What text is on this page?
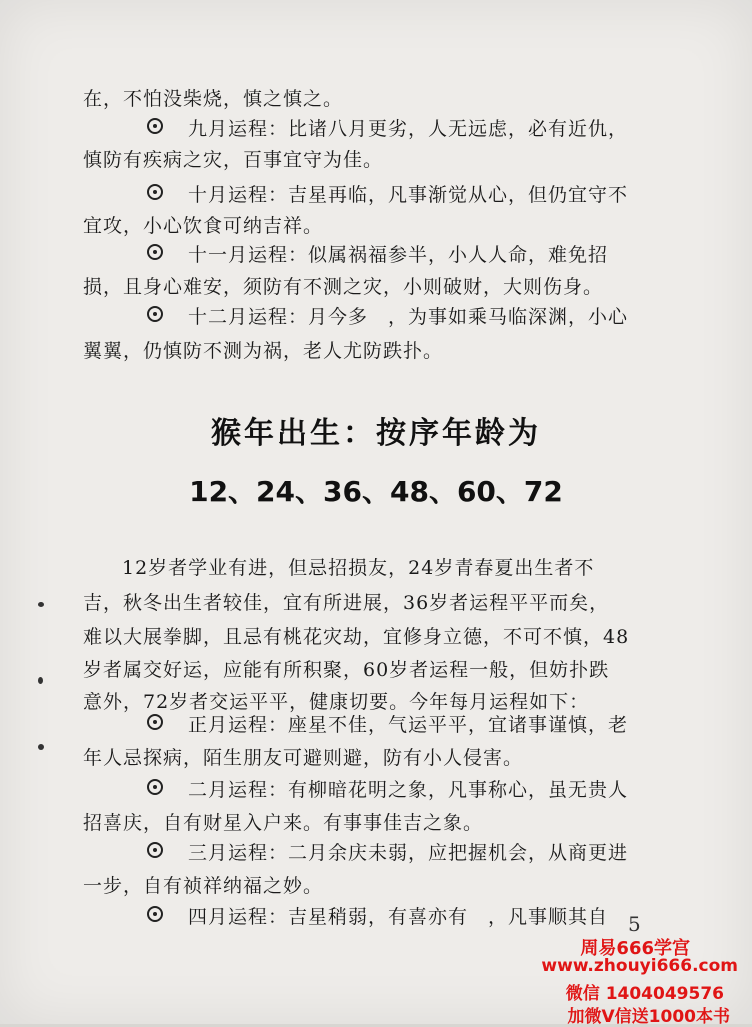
在，不怕没柴烧，慎之慎之。
九月运程：比诸八月更劣，人无远虑，必有近仇，
慎防有疾病之灾，百事宜守为佳。
十月运程：吉星再临，凡事渐觉从心，但仍宜守不
宜攻，小心饮食可纳吉祥。
十一月运程：似属祸福参半，小人人命，难免招
损，且身心难安，须防有不测之灾，小则破财，大则伤身。
十二月运程：月今多　，为事如乘马临深渊，小心
翼翼，仍慎防不测为祸，老人尤防跌扑。
猴年出生：按序年龄为
12、24、36、48、60、72
12岁者学业有进，但忌招损友，24岁青春夏出生者不
吉，秋冬出生者较佳，宜有所进展，36岁者运程平平而矣，
难以大展拳脚，且忌有桃花灾劫，宜修身立德，不可不慎，48
岁者属交好运，应能有所积聚，60岁者运程一般，但妨扑跌
意外，72岁者交运平平，健康切要。今年每月运程如下：
正月运程：座星不佳，气运平平，宜诸事谨慎，老
年人忌探病，陌生朋友可避则避，防有小人侵害。
二月运程：有柳暗花明之象，凡事称心，虽无贵人
招喜庆，自有财星入户来。有事事佳吉之象。
三月运程：二月余庆未弱，应把握机会，从商更进
一步，自有祯祥纳福之妙。
四月运程：吉星稍弱，有喜亦有　，凡事顺其自 5
周易666学宫
www.zhouyi666.com
微信 1404049576
加微V信送1000本书
